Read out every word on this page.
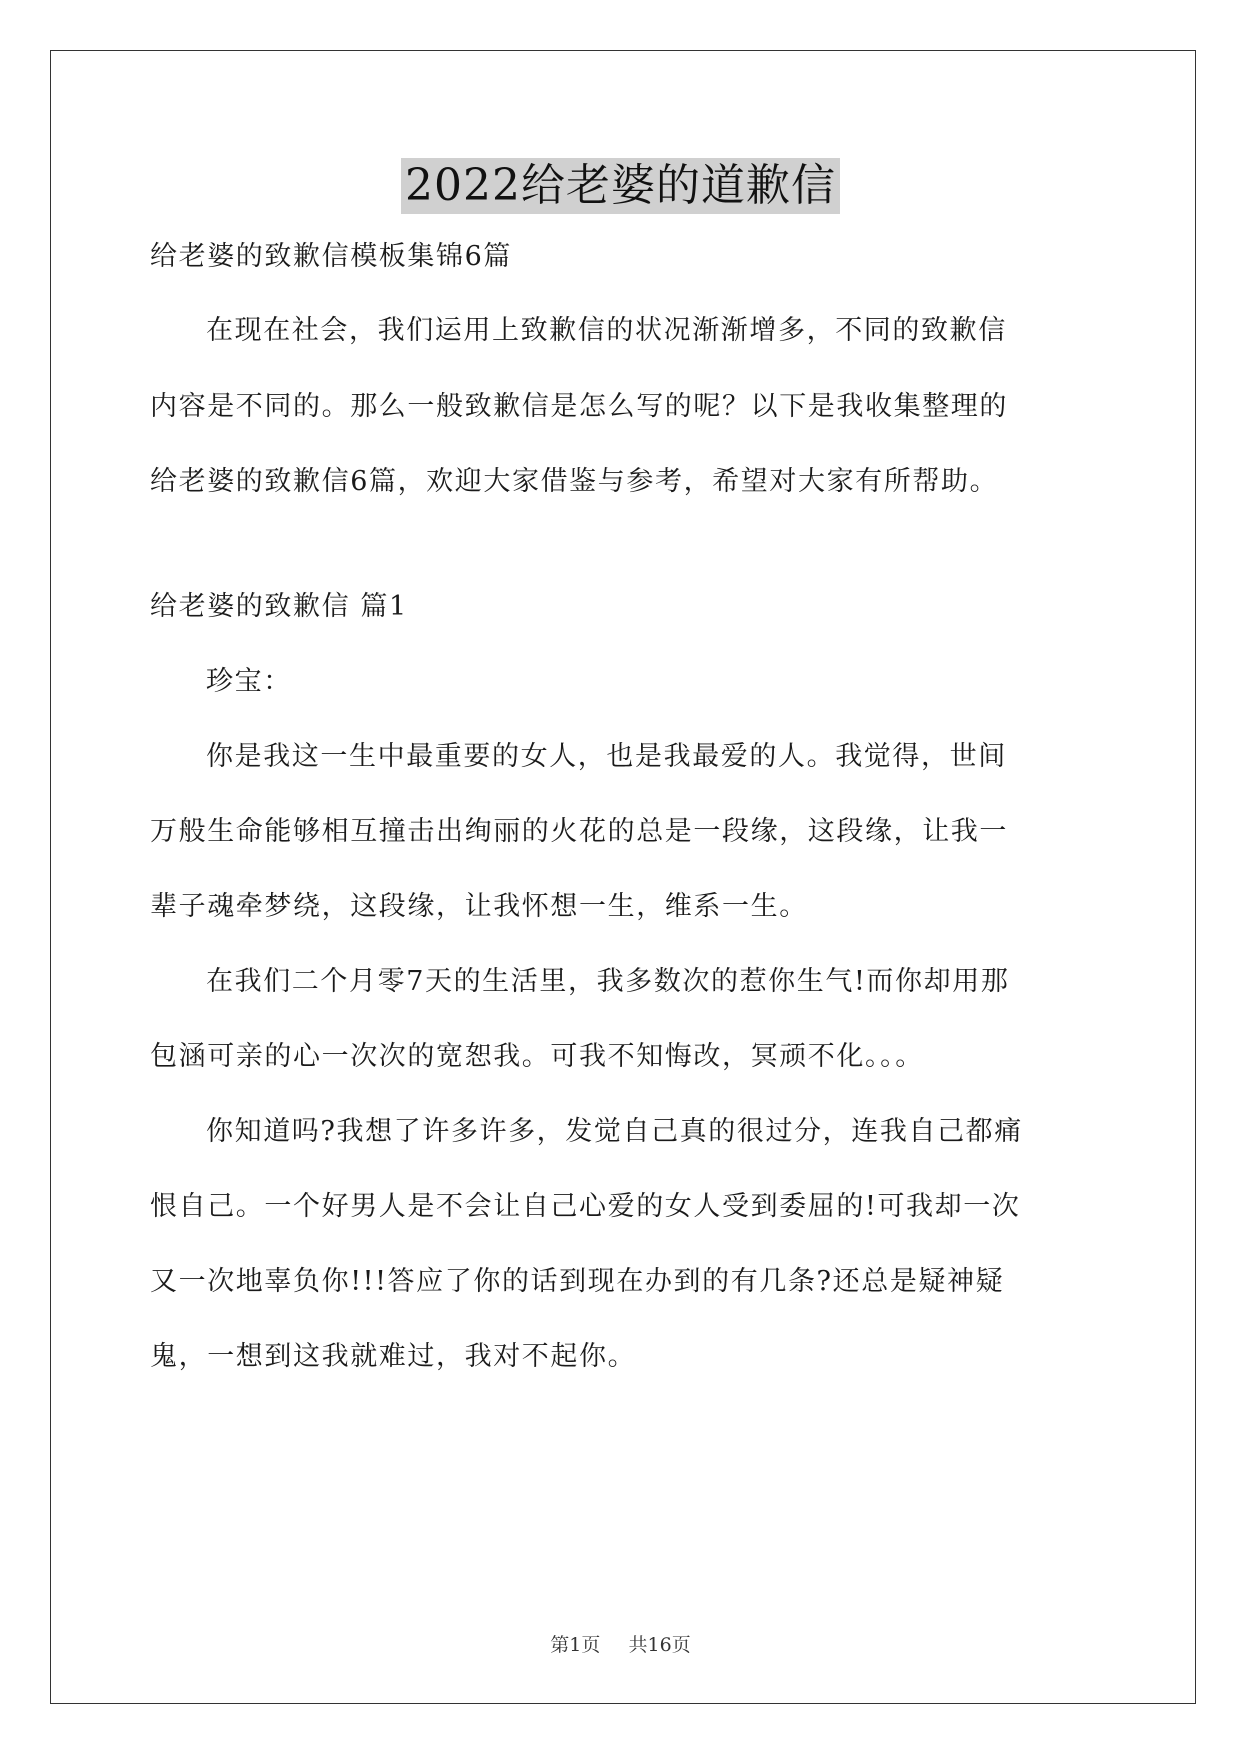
2022给老婆的道歉信
给老婆的致歉信模板集锦6篇
在现在社会，我们运用上致歉信的状况渐渐增多，不同的致歉信
内容是不同的。那么一般致歉信是怎么写的呢？以下是我收集整理的
给老婆的致歉信6篇，欢迎大家借鉴与参考，希望对大家有所帮助。
给老婆的致歉信 篇1
珍宝：
你是我这一生中最重要的女人，也是我最爱的人。我觉得，世间
万般生命能够相互撞击出绚丽的火花的总是一段缘，这段缘，让我一
辈子魂牵梦绕，这段缘，让我怀想一生，维系一生。
在我们二个月零7天的生活里，我多数次的惹你生气!而你却用那
包涵可亲的心一次次的宽恕我。可我不知悔改，冥顽不化。。。
你知道吗?我想了许多许多，发觉自己真的很过分，连我自己都痛
恨自己。一个好男人是不会让自己心爱的女人受到委屈的!可我却一次
又一次地辜负你!!!答应了你的话到现在办到的有几条?还总是疑神疑
鬼，一想到这我就难过，我对不起你。
第1页 共16页
